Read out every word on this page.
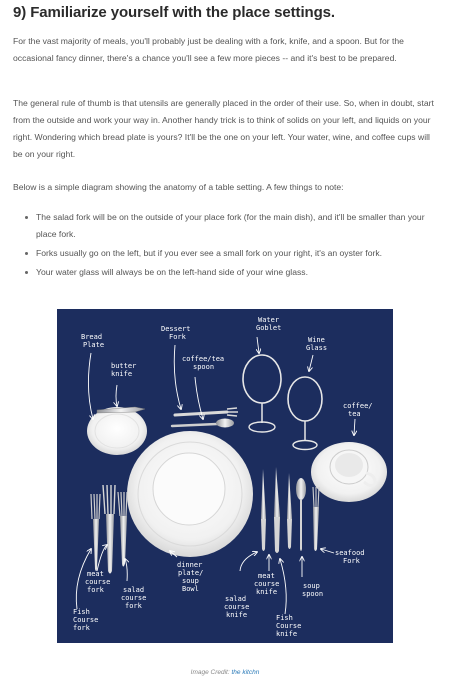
9) Familiarize yourself with the place settings.

For the vast majority of meals, you'll probably just be dealing with a fork, knife, and a spoon. But for the occasional fancy dinner, there's a chance you'll see a few more pieces -- and it's best to be prepared.

The general rule of thumb is that utensils are generally placed in the order of their use. So, when in doubt, start from the outside and work your way in. Another handy trick is to think of solids on your left, and liquids on your right. Wondering which bread plate is yours? It'll be the one on your left. Your water, wine, and coffee cups will be on your right.

Below is a simple diagram showing the anatomy of a table setting. A few things to note:

The salad fork will be on the outside of your place fork (for the main dish), and it'll be smaller than your place fork.
Forks usually go on the left, but if you ever see a small fork on your right, it's an oyster fork.
Your water glass will always be on the left-hand side of your wine glass.
Bread Plate
butter knife
Dessert Fork
coffee/tea spoon
Water Goblet
Wine Glass
coffee/ tea
meat course fork	salad course fork
Fish Course fork
dinner plate/ soup Bowl
salad course knife
meat course knife
soup spoon
Fish Course knife
seafood Fork
Image Credit: the kitchn
